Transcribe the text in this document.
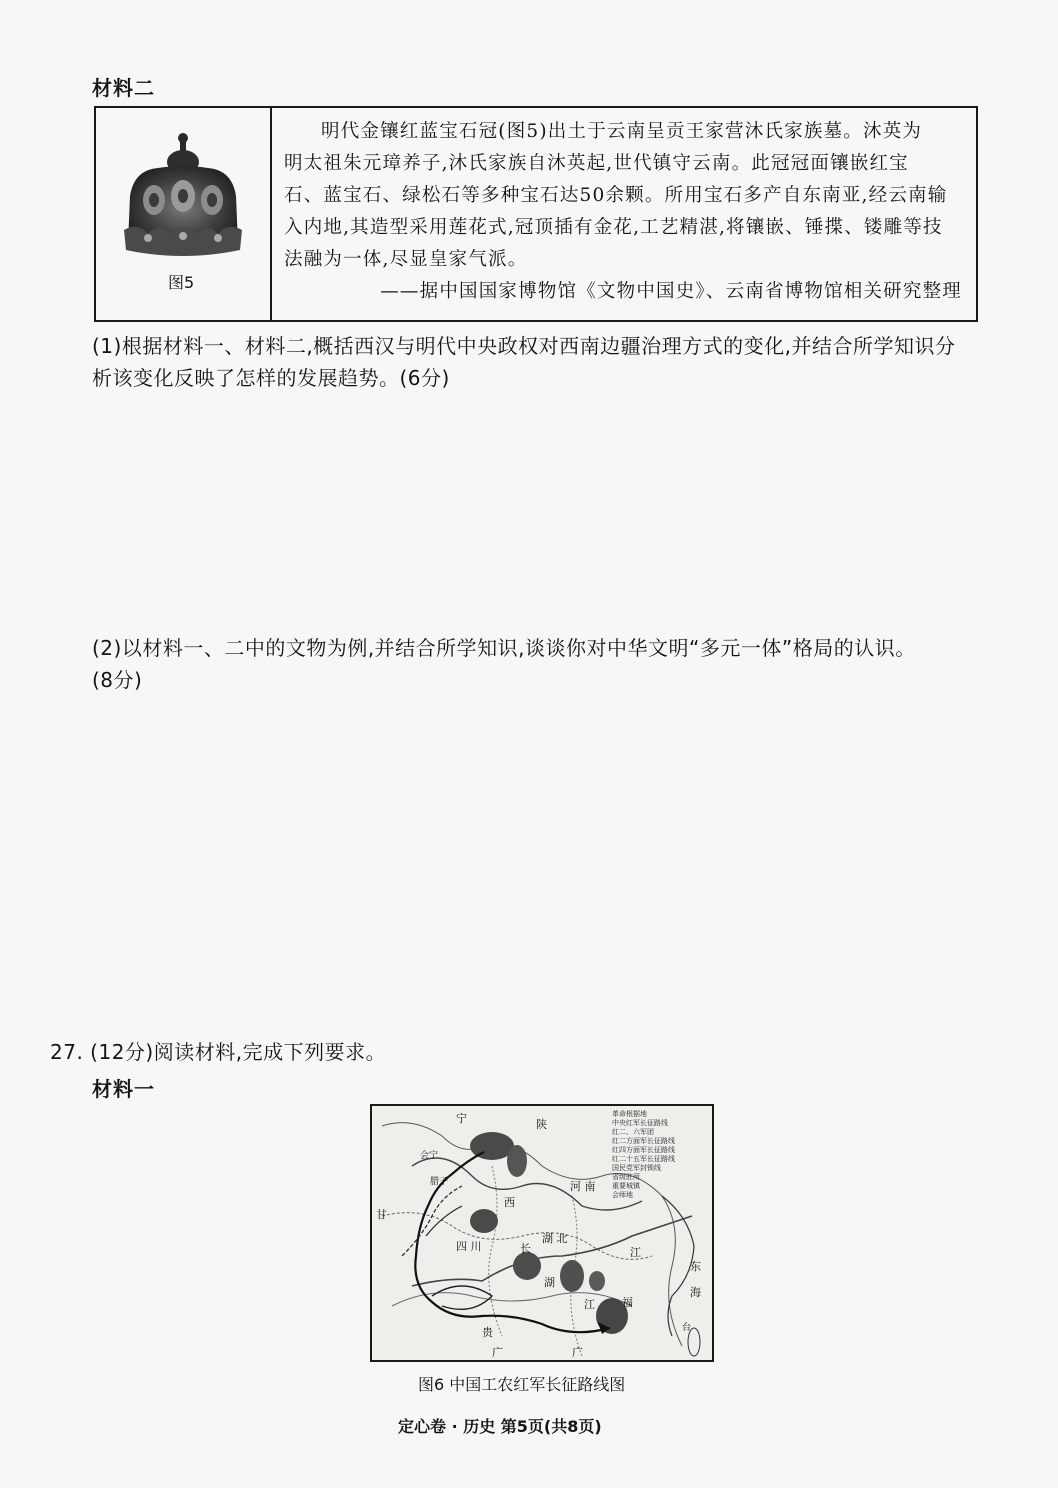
材料二
图5

明代金镶红蓝宝石冠(图5)出土于云南呈贡王家营沐氏家族墓。沐英为

明太祖朱元璋养子,沐氏家族自沐英起,世代镇守云南。此冠冠面镶嵌红宝

石、蓝宝石、绿松石等多种宝石达50余颗。所用宝石多产自东南亚,经云南输

入内地,其造型采用莲花式,冠顶插有金花,工艺精湛,将镶嵌、锤揲、镂雕等技

法融为一体,尽显皇家气派。

——据中国国家博物馆《文物中国史》、云南省博物馆相关研究整理

(1)根据材料一、材料二,概括西汉与明代中央政权对西南边疆治理方式的变化,并结合所学知识分
析该变化反映了怎样的发展趋势。(6分)
(2)以材料一、二中的文物为例,并结合所学知识,谈谈你对中华文明“多元一体”格局的认识。
(8分)
27. (12分)阅读材料,完成下列要求。
材料一
革命根据地
中央红军长征路线
红二、六军团
红二方面军长征路线
红四方面军长征路线
红二十五军长征路线
国民党军封锁线
省级驻所
重要城镇
会师地
宁	陕
会宁
腊子
甘
河 南
西
四 川	长
湖 北
江
东
海
湖
江 福
贵
广	广
台
图6 中国工农红军长征路线图
定心卷 · 历史 第5页(共8页)
